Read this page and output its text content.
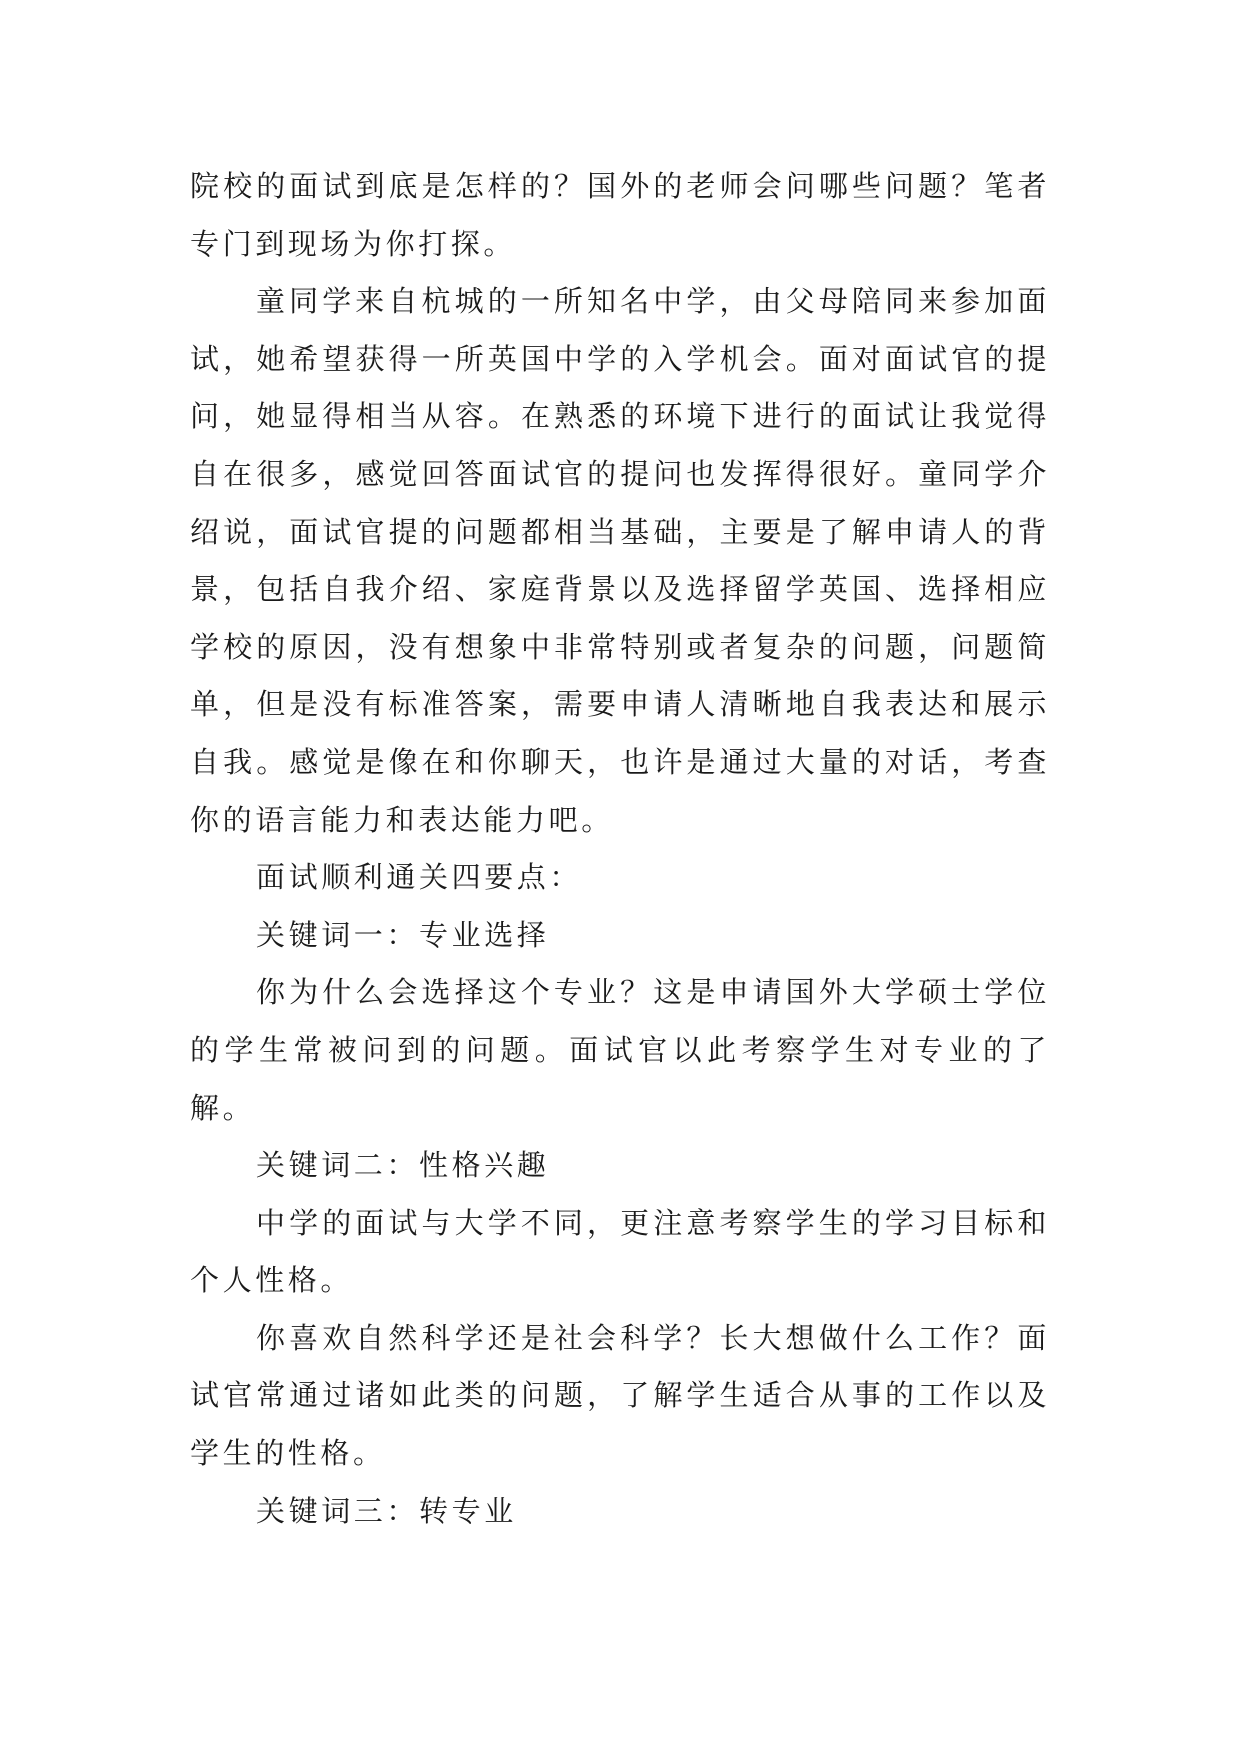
院校的面试到底是怎样的？国外的老师会问哪些问题？笔者专门到现场为你打探。

童同学来自杭城的一所知名中学，由父母陪同来参加面试，她希望获得一所英国中学的入学机会。面对面试官的提问，她显得相当从容。在熟悉的环境下进行的面试让我觉得自在很多，感觉回答面试官的提问也发挥得很好。童同学介绍说，面试官提的问题都相当基础，主要是了解申请人的背景，包括自我介绍、家庭背景以及选择留学英国、选择相应学校的原因，没有想象中非常特别或者复杂的问题，问题简单，但是没有标准答案，需要申请人清晰地自我表达和展示自我。感觉是像在和你聊天，也许是通过大量的对话，考查你的语言能力和表达能力吧。

面试顺利通关四要点：

关键词一：专业选择

你为什么会选择这个专业？这是申请国外大学硕士学位的学生常被问到的问题。面试官以此考察学生对专业的了解。

关键词二：性格兴趣

中学的面试与大学不同，更注意考察学生的学习目标和个人性格。

你喜欢自然科学还是社会科学？长大想做什么工作？面试官常通过诸如此类的问题，了解学生适合从事的工作以及学生的性格。

关键词三：转专业
